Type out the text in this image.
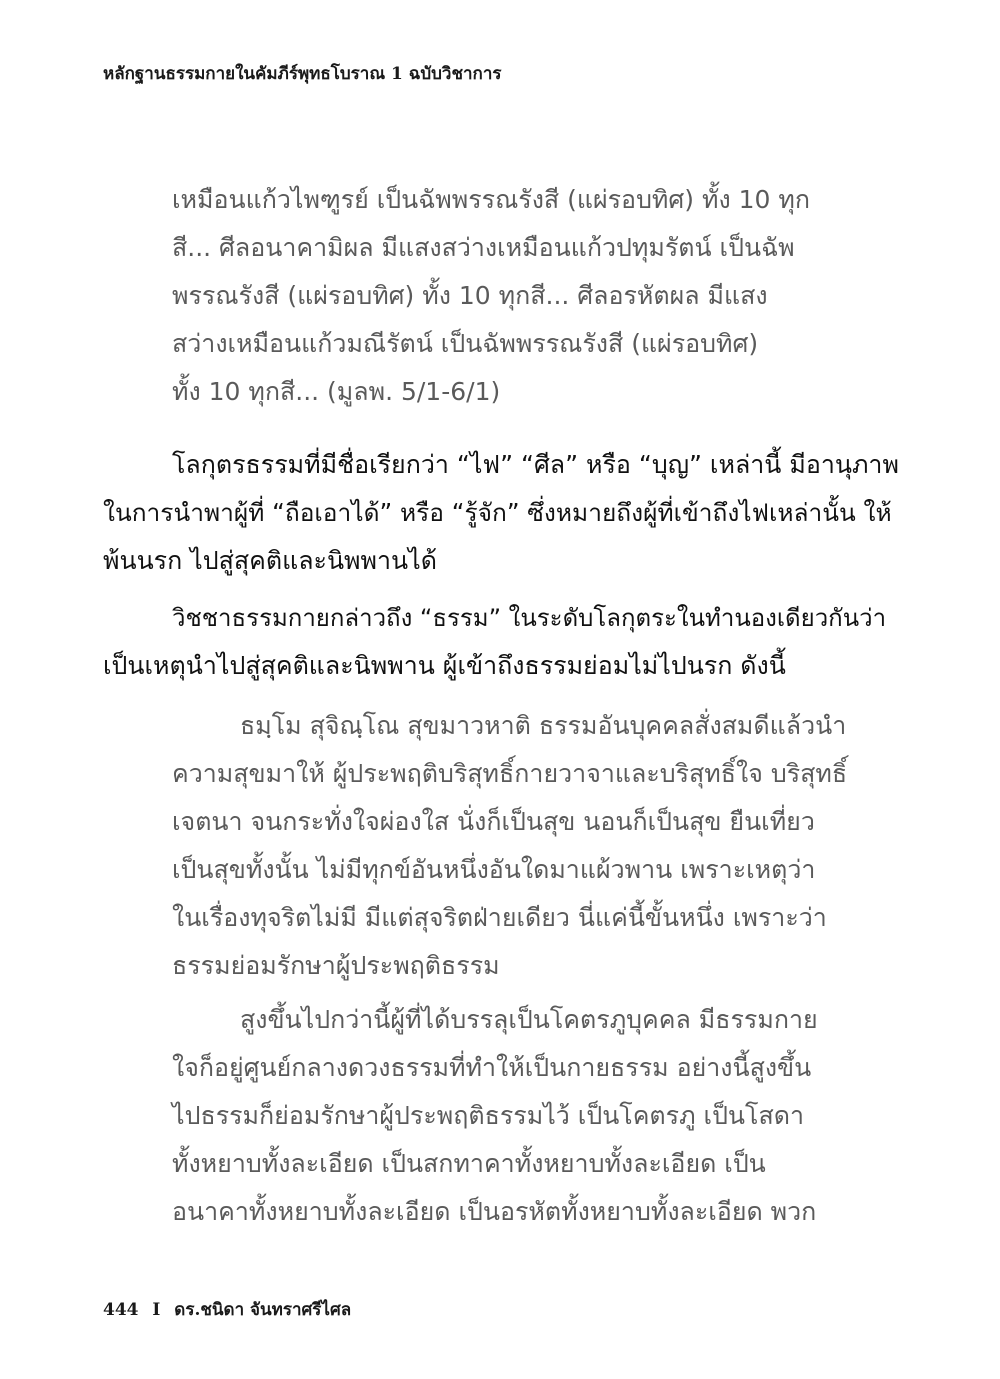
หลักฐานธรรมกายในคัมภีร์พุทธโบราณ 1 ฉบับวิชาการ
เหมือนแก้วไพฑูรย์ เป็นฉัพพรรณรังสี (แผ่รอบทิศ) ทั้ง 10 ทุก
สี... ศีลอนาคามิผล มีแสงสว่างเหมือนแก้วปทุมรัตน์ เป็นฉัพ
พรรณรังสี (แผ่รอบทิศ) ทั้ง 10 ทุกสี... ศีลอรหัตผล มีแสง
สว่างเหมือนแก้วมณีรัตน์ เป็นฉัพพรรณรังสี (แผ่รอบทิศ)
ทั้ง 10 ทุกสี... (มูลพ. 5/1-6/1)
โลกุตรธรรมที่มีชื่อเรียกว่า “ไฟ” “ศีล” หรือ “บุญ” เหล่านี้ มีอานุภาพ
ในการนำพาผู้ที่ “ถือเอาได้” หรือ “รู้จัก” ซึ่งหมายถึงผู้ที่เข้าถึงไฟเหล่านั้น ให้
พ้นนรก ไปสู่สุคติและนิพพานได้
วิชชาธรรมกายกล่าวถึง “ธรรม” ในระดับโลกุตระในทำนองเดียวกันว่า
เป็นเหตุนำไปสู่สุคติและนิพพาน ผู้เข้าถึงธรรมย่อมไม่ไปนรก ดังนี้
ธมฺโม สุจิณฺโณ สุขมาวหาติ ธรรมอันบุคคลสั่งสมดีแล้วนำ
ความสุขมาให้ ผู้ประพฤติบริสุทธิ์กายวาจาและบริสุทธิ์ใจ บริสุทธิ์
เจตนา จนกระทั่งใจผ่องใส นั่งก็เป็นสุข นอนก็เป็นสุข ยืนเที่ยว
เป็นสุขทั้งนั้น ไม่มีทุกข์อันหนึ่งอันใดมาแผ้วพาน เพราะเหตุว่า
ในเรื่องทุจริตไม่มี มีแต่สุจริตฝ่ายเดียว นี่แค่นี้ขั้นหนึ่ง เพราะว่า
ธรรมย่อมรักษาผู้ประพฤติธรรม
สูงขึ้นไปกว่านี้ผู้ที่ได้บรรลุเป็นโคตรภูบุคคล มีธรรมกาย
ใจก็อยู่ศูนย์กลางดวงธรรมที่ทำให้เป็นกายธรรม อย่างนี้สูงขึ้น
ไปธรรมก็ย่อมรักษาผู้ประพฤติธรรมไว้ เป็นโคตรภู เป็นโสดา
ทั้งหยาบทั้งละเอียด เป็นสกทาคาทั้งหยาบทั้งละเอียด เป็น
อนาคาทั้งหยาบทั้งละเอียด เป็นอรหัตทั้งหยาบทั้งละเอียด พวก
444 I ดร.ชนิดา จันทราศรีไศล
